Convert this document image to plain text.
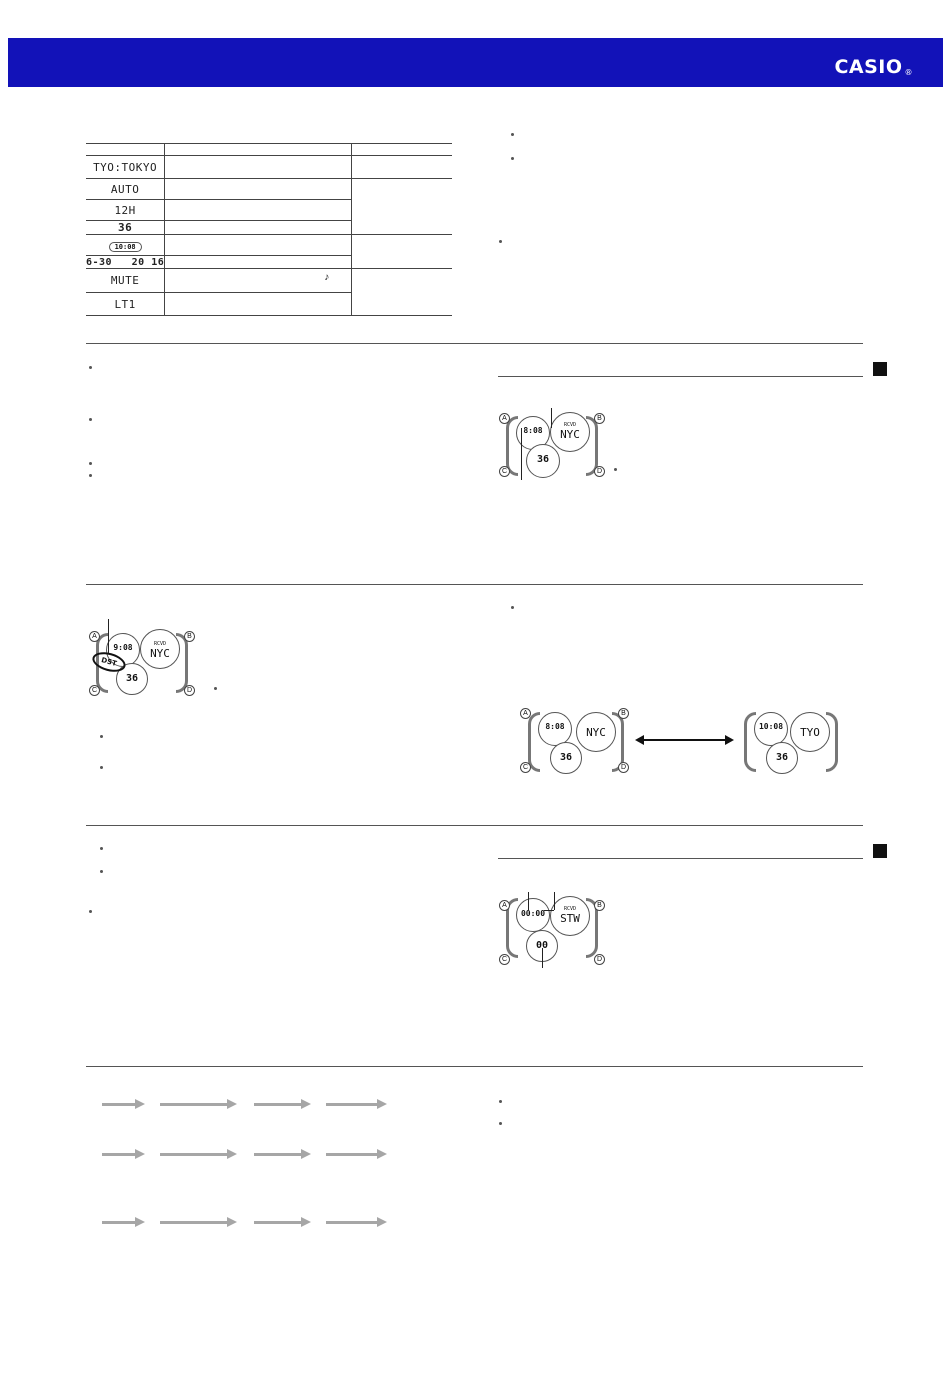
CASIO ®

TYO:TOKYO		
AUTO		
12H		
36		
10:08		
6-30   20 16		
MUTE	♪	

LT1		
8:08
RCVD
NYC
36
A	B
C	D
9:08	RCVD
NYC
36
DST
A	B
C	D
8:08	NYC
36
A	B
C	D
10:08	TYO
36
00:00	RCVD
STW
00
A	B
C	D
